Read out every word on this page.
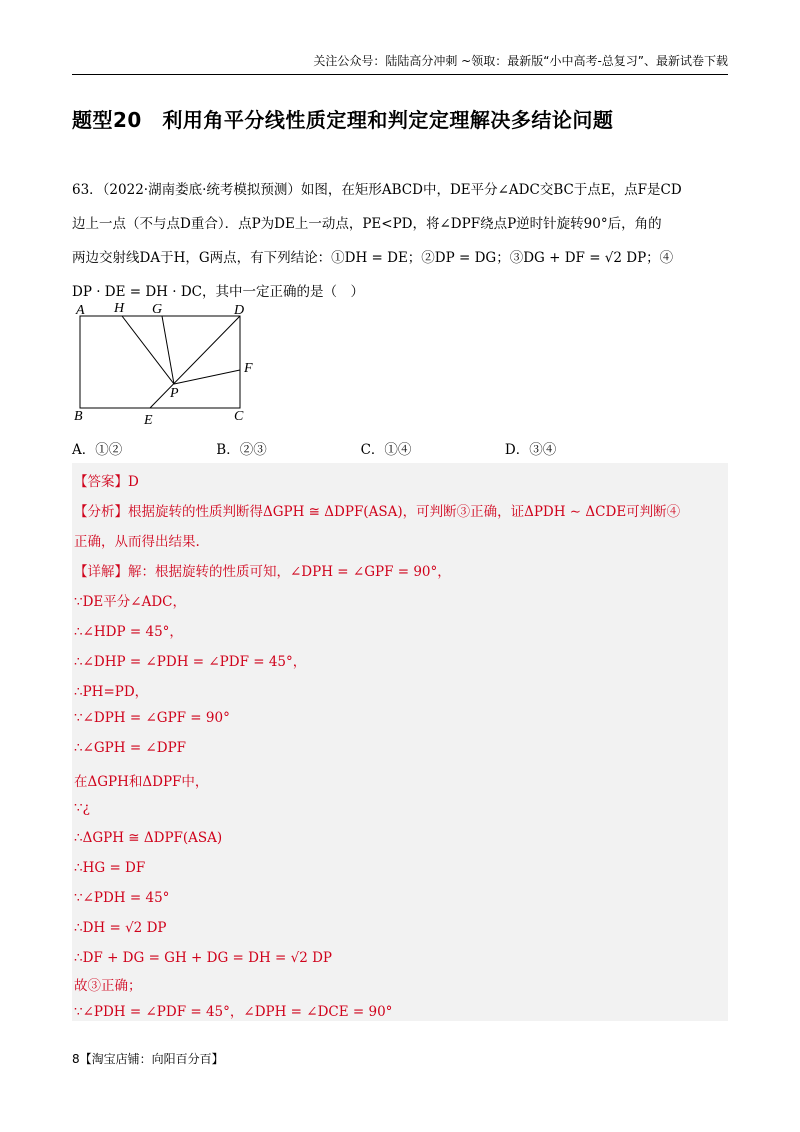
关注公众号：陆陆高分冲刺 ~领取：最新版“小中高考-总复习”、最新试卷下载
题型20　利用角平分线性质定理和判定定理解决多结论问题
63．（2022·湖南娄底·统考模拟预测）如图，在矩形ABCD中，DE平分∠ADC交BC于点E，点F是CD
边上一点（不与点D重合）．点P为DE上一动点，PE<PD，将∠DPF绕点P逆时针旋转90°后，角的
两边交射线DA于H，G两点，有下列结论：①DH = DE；②DP = DG；③DG + DF = √2 DP；④
DP · DE = DH · DC，其中一定正确的是（　）
A H G	D
F
P
B	E	C
A．①②	B．②③	C．①④	D．③④
【答案】D
【分析】根据旋转的性质判断得ΔGPH ≅ ΔDPF(ASA)，可判断③正确，证ΔPDH ∼ ΔCDE可判断④
正确，从而得出结果.
【详解】解：根据旋转的性质可知，∠DPH = ∠GPF = 90°，
∵DE平分∠ADC，
∴∠HDP = 45°，
∴∠DHP = ∠PDH = ∠PDF = 45°，
∴PH=PD，
∵∠DPH = ∠GPF = 90°
∴∠GPH = ∠DPF
在ΔGPH和ΔDPF中，
∵¿
∴ΔGPH ≅ ΔDPF(ASA)
∴HG = DF
∵∠PDH = 45°
∴DH = √2 DP
∴DF + DG = GH + DG = DH = √2 DP
故③正确；
∵∠PDH = ∠PDF = 45°，∠DPH = ∠DCE = 90°
8【淘宝店铺：向阳百分百】
